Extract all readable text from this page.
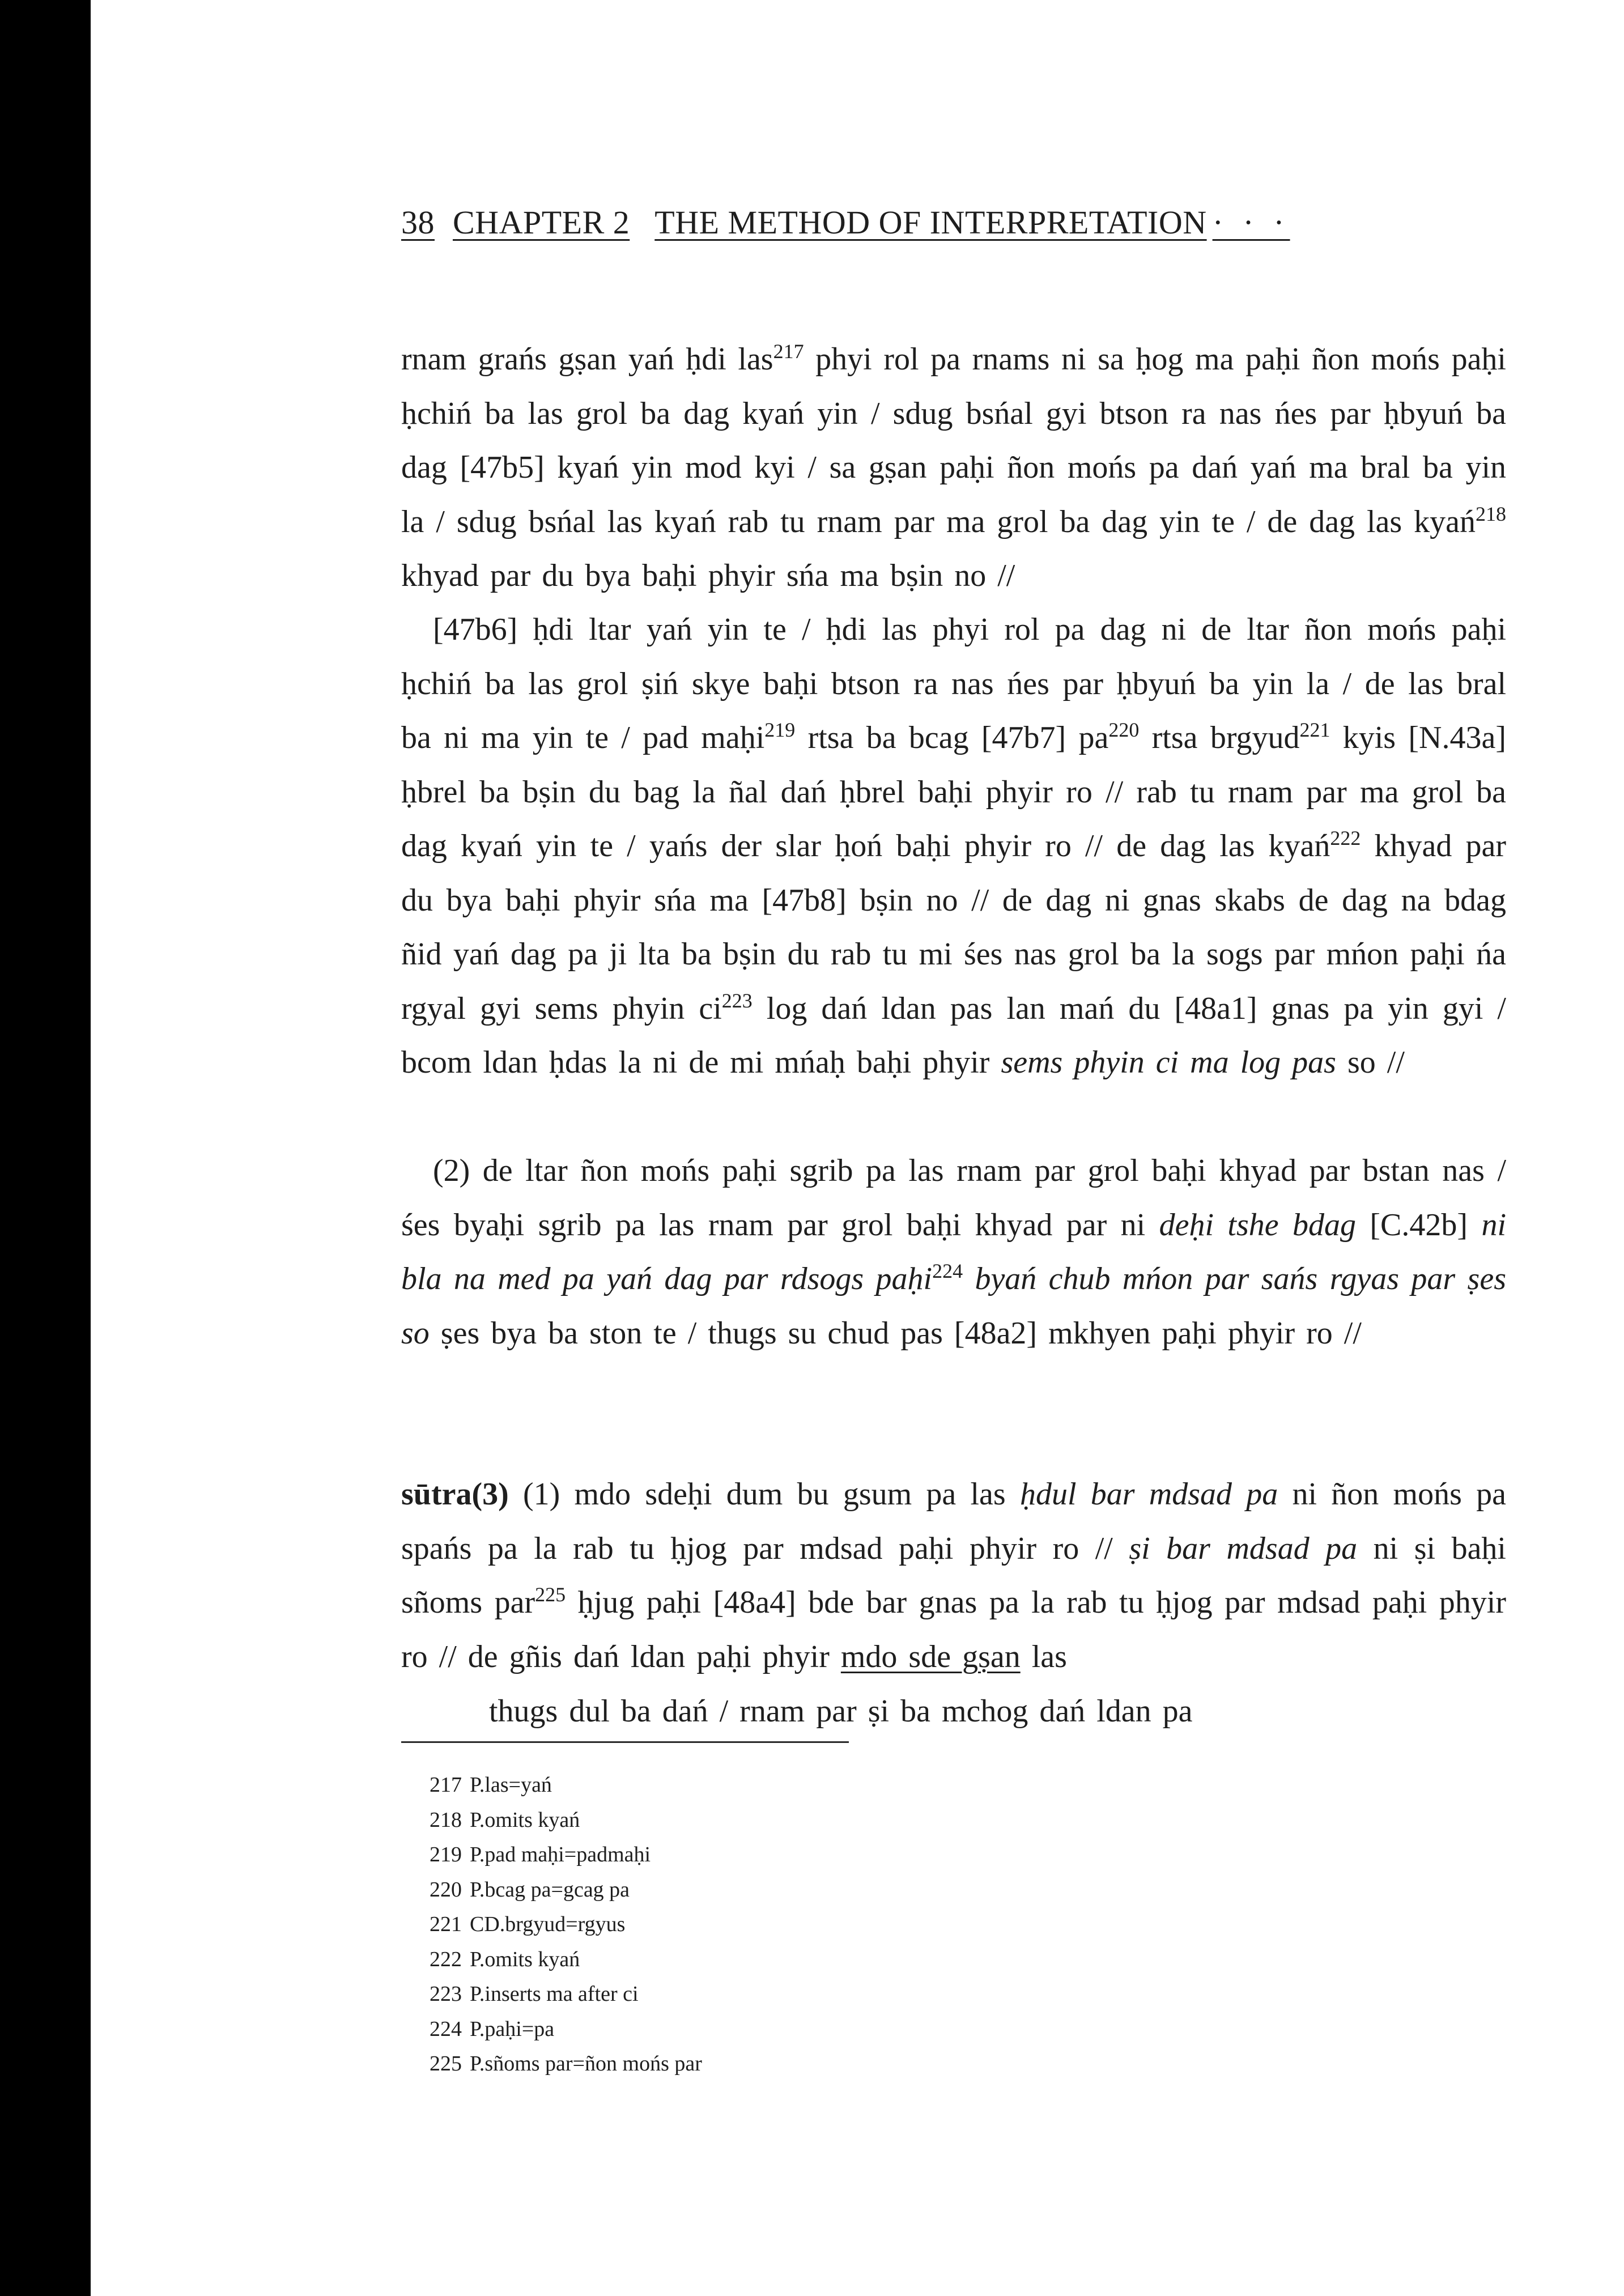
38 CHAPTER 2 THE METHOD OF INTERPRETATION · · ·
rnam grańs gṣan yań ḥdi las$^{217}$ phyi rol pa rnams ni sa ḥog ma paḥi ñon mońs paḥi ḥchiń ba las grol ba dag kyań yin / sdug bsńal gyi btson ra nas ńes par ḥbyuń ba dag [47b5] kyań yin mod kyi / sa gṣan paḥi ñon mońs pa dań yań ma bral ba yin la / sdug bsńal las kyań rab tu rnam par ma grol ba dag yin te / de dag las kyań$^{218}$ khyad par du bya baḥi phyir sńa ma bṣin no //
[47b6] ḥdi ltar yań yin te / ḥdi las phyi rol pa dag ni de ltar ñon mońs paḥi ḥchiń ba las grol ṣiń skye baḥi btson ra nas ńes par ḥbyuń ba yin la / de las bral ba ni ma yin te / pad maḥi$^{219}$ rtsa ba bcag [47b7] $pa^{220}$ rtsa brgyud$^{221}$ kyis [N.43a] ḥbrel ba bṣin du bag la ñal dań ḥbrel baḥi phyir ro // rab tu rnam par ma grol ba dag kyań yin te / yańs der slar ḥoń baḥi phyir ro // de dag las kyań$^{222}$ khyad par du bya baḥi phyir sńa ma [47b8] bṣin no // de dag ni gnas skabs de dag na bdag ñid yań dag pa ji lta ba bṣin du rab tu mi śes nas grol ba la sogs par mńon paḥi ńa rgyal gyi sems phyin $ci^{223}$ log dań ldan pas lan mań du [48a1] gnas pa yin gyi / bcom ldan ḥdas la ni de mi mńaḥ baḥi phyir sems phyin ci ma log pas so //
(2) de ltar ñon mońs paḥi sgrib pa las rnam par grol baḥi khyad par bstan nas / śes byaḥi sgrib pa las rnam par grol baḥi khyad par ni deḥi tshe bdag [C.42b] ni bla na med pa yań dag par rdsogs paḥi$^{224}$ byań chub mńon par sańs rgyas par ṣes so ṣes bya ba ston te / thugs su chud pas [48a2] mkhyen paḥi phyir ro //
sūtra(3) (1) mdo sdeḥi dum bu gsum pa las ḥdul bar mdsad pa ni ñon mońs pa spańs pa la rab tu ḥjog par mdsad paḥi phyir ro // ṣi bar mdsad pa ni ṣi baḥi sñoms par$^{225}$ ḥjug paḥi [48a4] bde bar gnas pa la rab tu ḥjog par mdsad paḥi phyir ro // de gñis dań ldan paḥi phyir mdo sde gṣan las
thugs dul ba dań / rnam par ṣi ba mchog dań ldan pa
217 P.las=yań
218 P.omits kyań
219 P.pad maḥi=padmaḥi
220 P.bcag pa=gcag pa
221 CD.brgyud=rgyus
222 P.omits kyań
223 P.inserts ma after ci
224 P.paḥi=pa
225 P.sñoms par=ñon mońs par
